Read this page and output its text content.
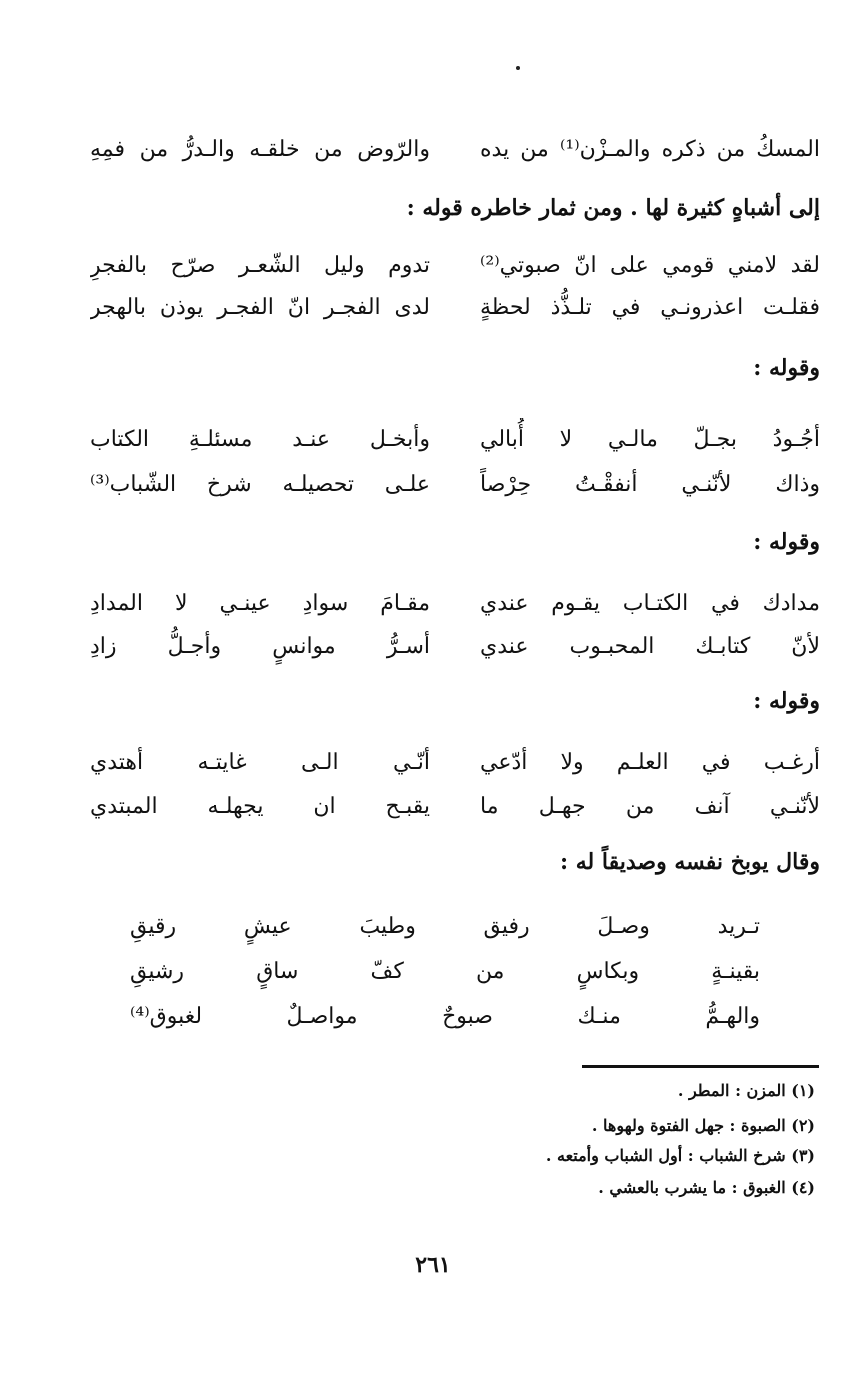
المسكُ من ذكره والمـزْن⁽¹⁾ من يده
والرّوض من خلقـه والـدرُّ من فمِهِ
إلى أشباهٍ كثيرة لها . ومن ثمار خاطره قوله :
لقد لامني قومي على انّ صبوتي⁽²⁾
تدوم وليل الشّعـر صرّح بالفجرِ
فقلـت اعذرونـي في تلـذُّذ لحظةٍ
لدى الفجـر انّ الفجـر يوذن بالهجر
وقوله :
أجُـودُ بجـلّ مالـي لا أُبالي
وأبخـل عنـد مسئلـةِ الكتاب
وذاك لأنّنـي أنفقْـتُ حِرْصاً
علـى تحصيلـه شرخ الشّباب⁽³⁾
وقوله :
مدادك في الكتـاب يقـوم عندي
مقـامَ سوادِ عينـي لا المدادِ
لأنّ كتابـك المحبـوب عندي
أسـرُّ موانسٍ وأجـلُّ زادِ
وقوله :
أرغـب في العلـم ولا أدّعي
أنّـي الـى غايتـه أهتدي
لأنّنـي آنف من جهـل ما
يقبـح ان يجهلـه المبتدي
وقال يوبخ نفسه وصديقاً له :
تـريد وصـلَ رفيق وطيبَ عيشٍ رقيقِ
بقينـةٍ وبكاسٍ من كفّ ساقٍ رشيقِ
والهـمُّ منـك صبوحٌ مواصـلٌ لغبوق⁽⁴⁾
(١) المزن : المطر .
(٢) الصبوة : جهل الفتوة ولهوها .
(٣) شرخ الشباب : أول الشباب وأمتعه .
(٤) الغبوق : ما يشرب بالعشي .
٢٦١
